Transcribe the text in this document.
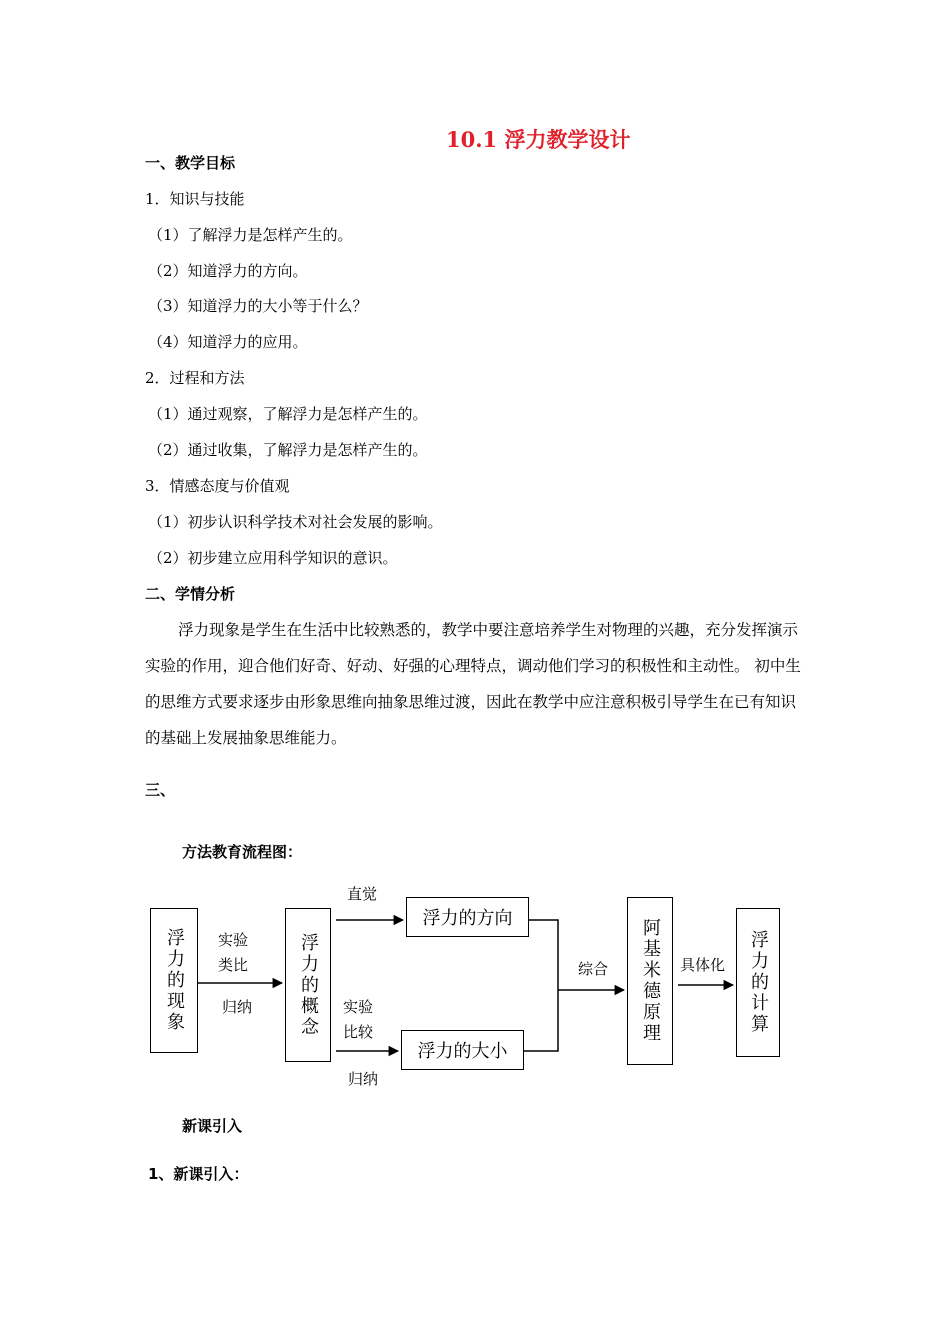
10.1 浮力教学设计
一、教学目标
1．知识与技能
（1）了解浮力是怎样产生的。
（2）知道浮力的方向。
（3）知道浮力的大小等于什么？
（4）知道浮力的应用。
2．过程和方法
（1）通过观察，了解浮力是怎样产生的。
（2）通过收集，了解浮力是怎样产生的。
3．情感态度与价值观
（1）初步认识科学技术对社会发展的影响。
（2）初步建立应用科学知识的意识。
二、学情分析
浮力现象是学生在生活中比较熟悉的，教学中要注意培养学生对物理的兴趣，充分发挥演示实验的作用，迎合他们好奇、好动、好强的心理特点，调动他们学习的积极性和主动性。 初中生的思维方式要求逐步由形象思维向抽象思维过渡，因此在教学中应注意积极引导学生在已有知识的基础上发展抽象思维能力。
三、
方法教育流程图：
浮力的现象	浮力的概念
浮力的方向
浮力的大小
阿基米德原理	浮力的计算
实验
类比
归纳
直觉
实验
比较
归纳
综合	具体化
新课引入
1、新课引入：
